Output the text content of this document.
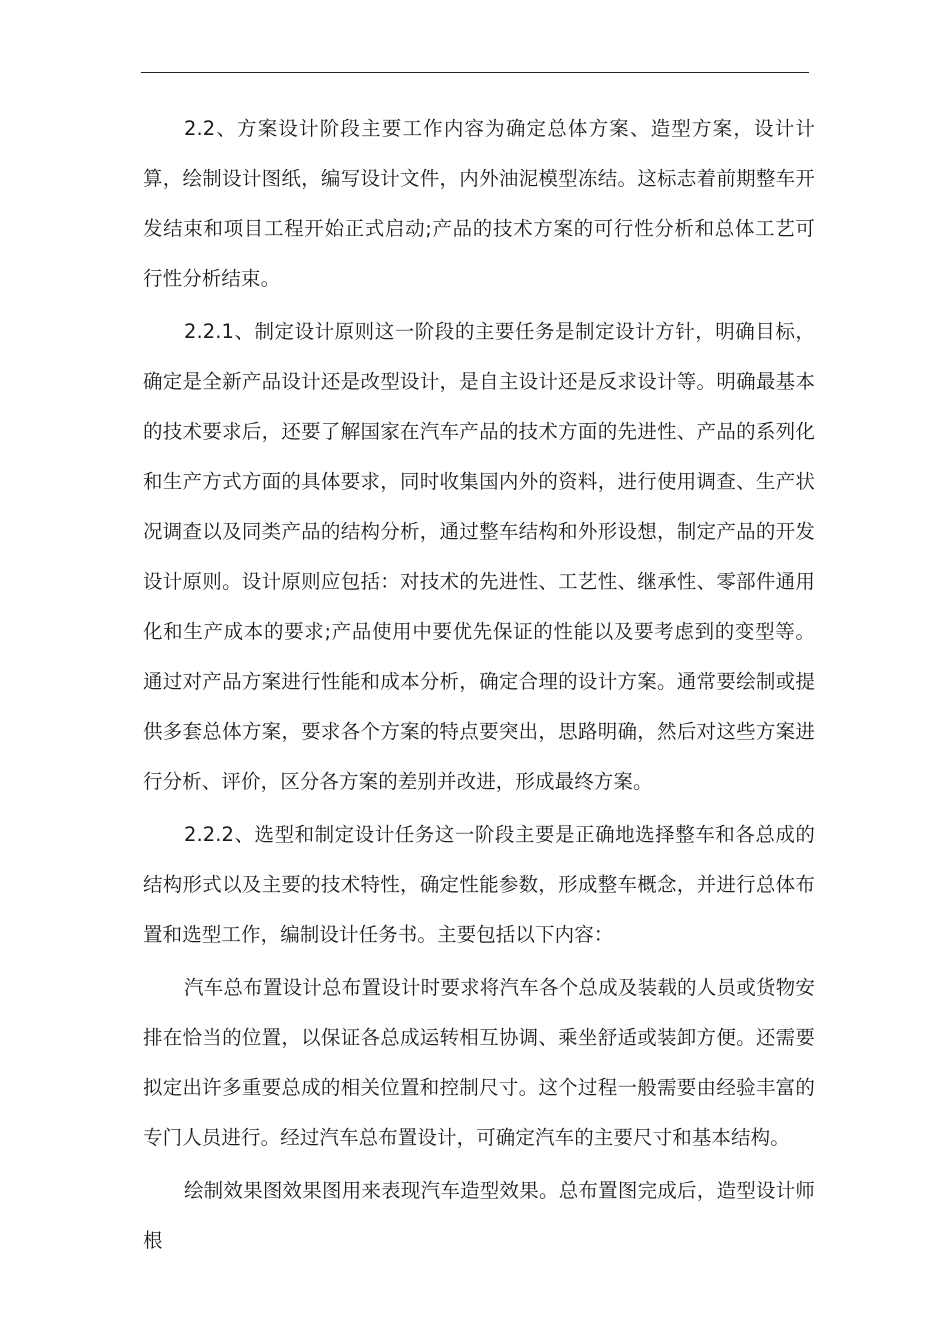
2.2、方案设计阶段主要工作内容为确定总体方案、造型方案，设计计算，绘制设计图纸，编写设计文件，内外油泥模型冻结。这标志着前期整车开发结束和项目工程开始正式启动;产品的技术方案的可行性分析和总体工艺可行性分析结束。

2.2.1、制定设计原则这一阶段的主要任务是制定设计方针，明确目标，确定是全新产品设计还是改型设计，是自主设计还是反求设计等。明确最基本的技术要求后，还要了解国家在汽车产品的技术方面的先进性、产品的系列化和生产方式方面的具体要求，同时收集国内外的资料，进行使用调查、生产状况调查以及同类产品的结构分析，通过整车结构和外形设想，制定产品的开发设计原则。设计原则应包括：对技术的先进性、工艺性、继承性、零部件通用化和生产成本的要求;产品使用中要优先保证的性能以及要考虑到的变型等。通过对产品方案进行性能和成本分析，确定合理的设计方案。通常要绘制或提供多套总体方案，要求各个方案的特点要突出，思路明确，然后对这些方案进行分析、评价，区分各方案的差别并改进，形成最终方案。

2.2.2、选型和制定设计任务这一阶段主要是正确地选择整车和各总成的结构形式以及主要的技术特性，确定性能参数，形成整车概念，并进行总体布置和选型工作，编制设计任务书。主要包括以下内容：

汽车总布置设计总布置设计时要求将汽车各个总成及装载的人员或货物安排在恰当的位置，以保证各总成运转相互协调、乘坐舒适或装卸方便。还需要拟定出许多重要总成的相关位置和控制尺寸。这个过程一般需要由经验丰富的专门人员进行。经过汽车总布置设计，可确定汽车的主要尺寸和基本结构。

绘制效果图效果图用来表现汽车造型效果。总布置图完成后，造型设计师根
